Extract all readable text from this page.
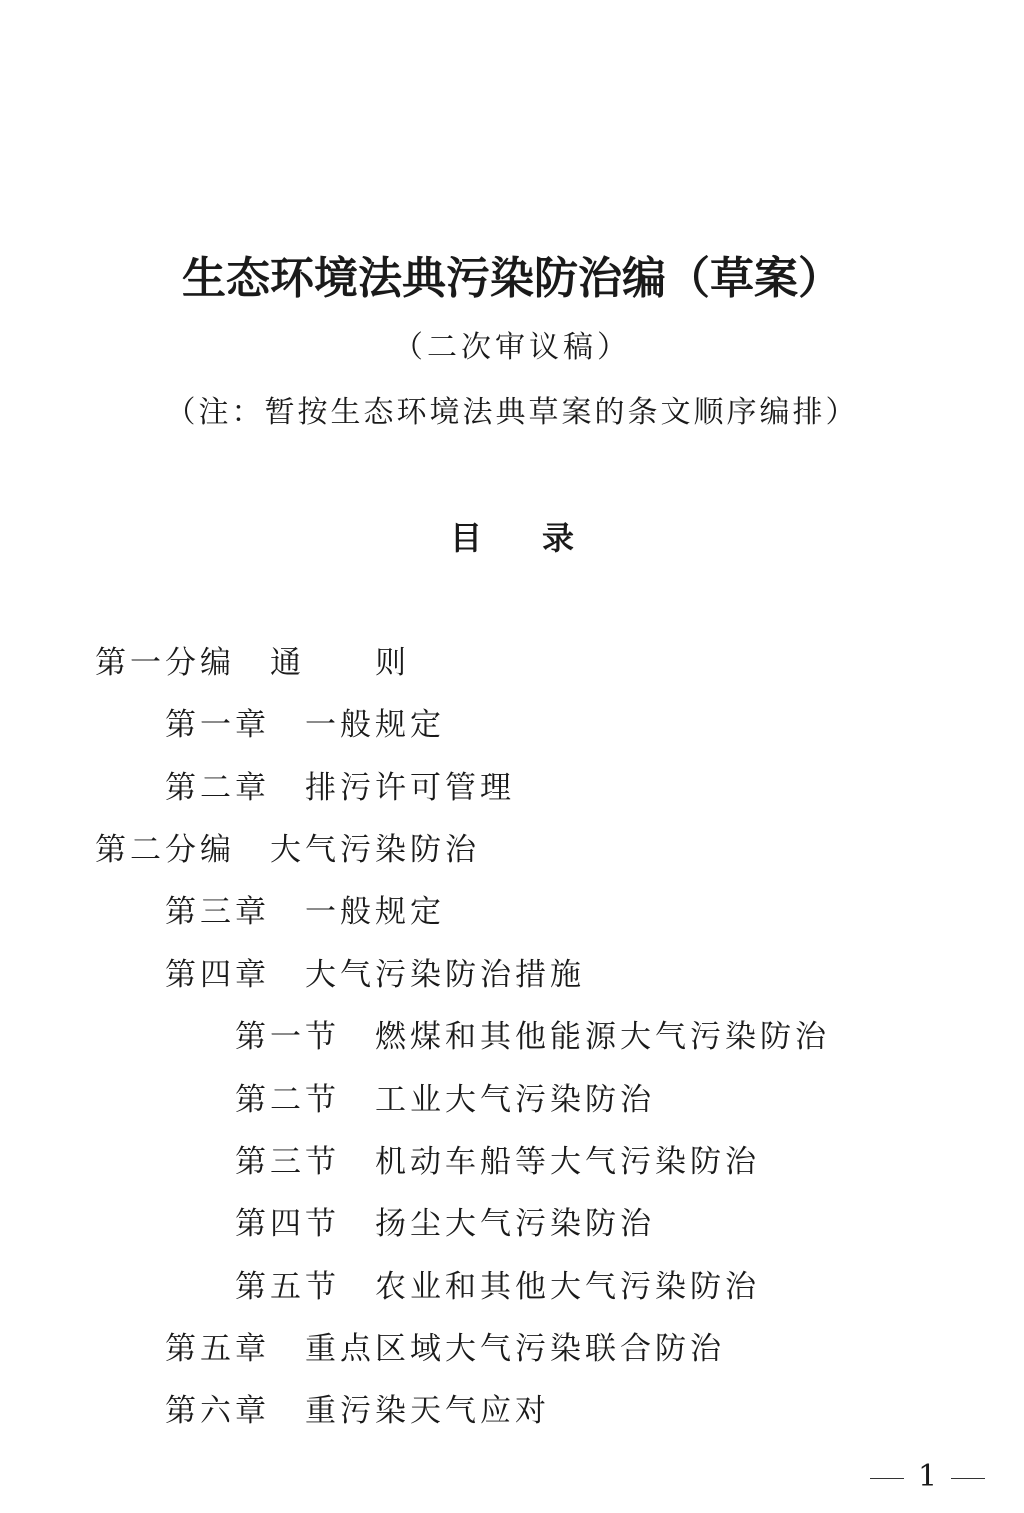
生态环境法典污染防治编（草案）
（二次审议稿）
（注：暂按生态环境法典草案的条文顺序编排）
目 录
第一分编 通　　则
第一章 一般规定
第二章 排污许可管理
第二分编 大气污染防治
第三章 一般规定
第四章 大气污染防治措施
第一节 燃煤和其他能源大气污染防治
第二节 工业大气污染防治
第三节 机动车船等大气污染防治
第四节 扬尘大气污染防治
第五节 农业和其他大气污染防治
第五章 重点区域大气污染联合防治
第六章 重污染天气应对
1
